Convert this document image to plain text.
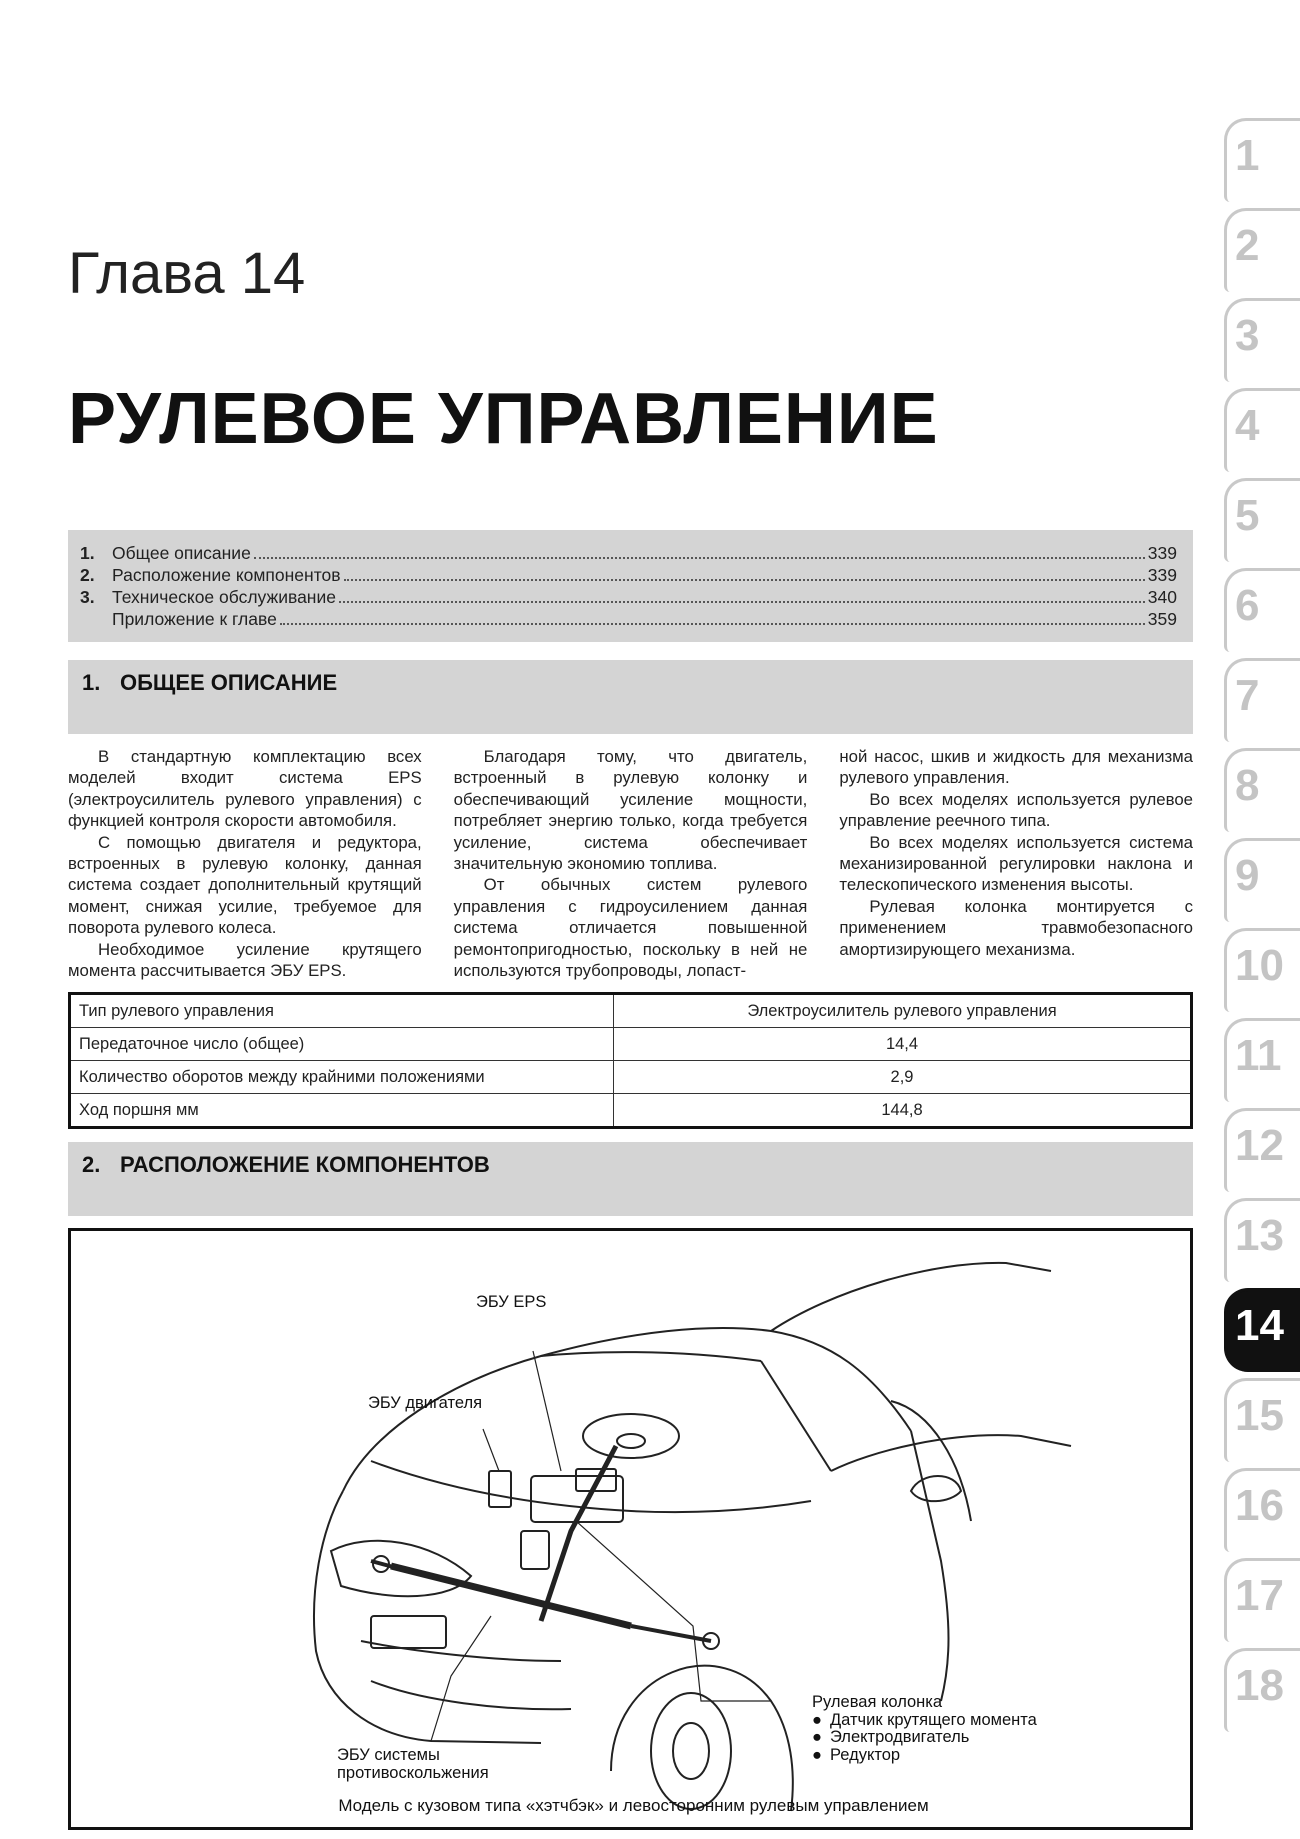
Глава 14
РУЛЕВОЕ УПРАВЛЕНИЕ
1. Общее описание	339
2. Расположение компонентов	339
3. Техническое обслуживание	340
Приложение к главе	359
1. ОБЩЕЕ ОПИСАНИЕ

В стандартную комплектацию всех моделей входит система EPS (электроусилитель рулевого управления) с функцией контроля скорости автомобиля.

С помощью двигателя и редуктора, встроенных в рулевую колонку, данная система создает дополнительный крутящий момент, снижая усилие, требуемое для поворота рулевого колеса.

Необходимое усиление крутящего момента рассчитывается ЭБУ EPS.

Благодаря тому, что двигатель, встроенный в рулевую колонку и обеспечивающий усиление мощности, потребляет энергию только, когда требуется усиление, система обеспечивает значительную экономию топлива.

От обычных систем рулевого управления с гидроусилением данная система отличается повышенной ремонтопригодностью, поскольку в ней не используются трубопроводы, лопаст-

ной насос, шкив и жидкость для механизма рулевого управления.

Во всех моделях используется рулевое управление реечного типа.

Во всех моделях используется система механизированной регулировки наклона и телескопического изменения высоты.

Рулевая колонка монтируется с применением травмобезопасного амортизирующего механизма.

Тип рулевого управления	Электроусилитель рулевого управления
Передаточное число (общее)	14,4
Количество оборотов между крайними положениями	2,9
Ход поршня мм	144,8
2. РАСПОЛОЖЕНИЕ КОМПОНЕНТОВ
ЭБУ EPS
ЭБУ двигателя
ЭБУ системы
противоскольжения
Модель с кузовом типа «хэтчбэк» и левосторонним рулевым управлением
Рулевая колонка
● Датчик крутящего момента
● Электродвигатель
● Редуктор
1
2
3
4
5
6
7
8
9
10
11
12
13
14
15
16
17
18
